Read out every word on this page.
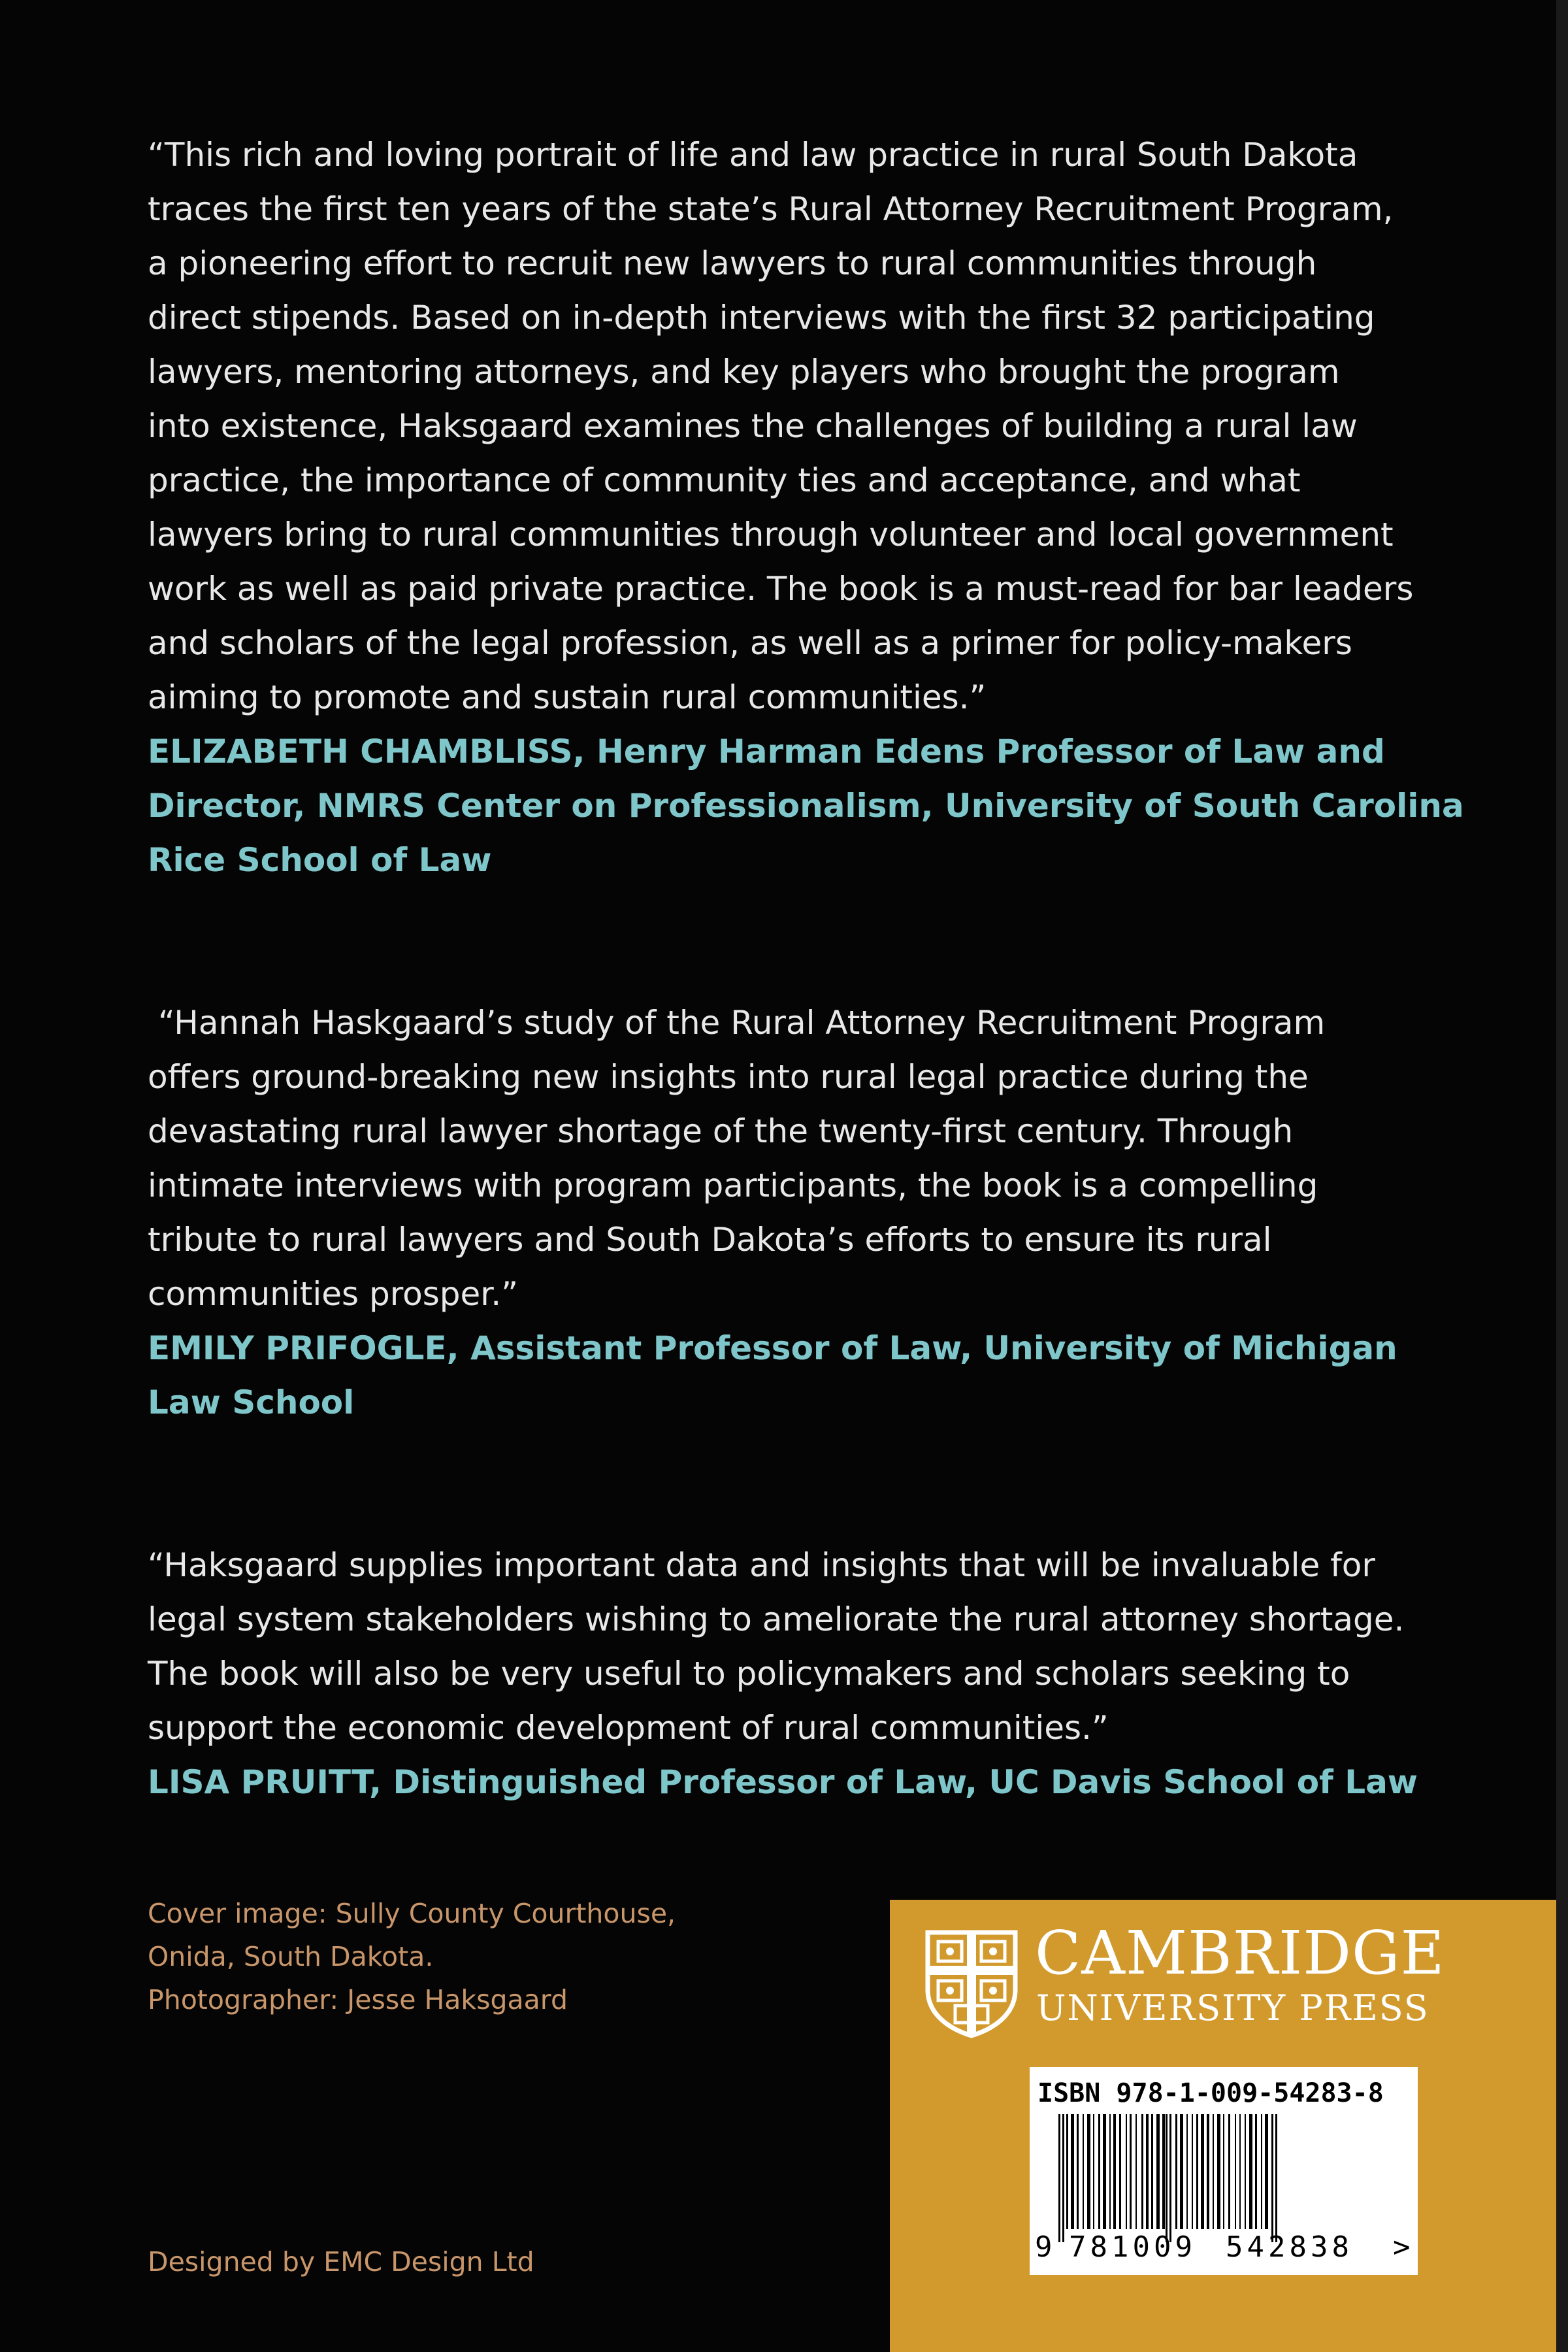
“This rich and loving portrait of life and law practice in rural South Dakota
traces the first ten years of the state’s Rural Attorney Recruitment Program,
a pioneering effort to recruit new lawyers to rural communities through
direct stipends. Based on in-depth interviews with the first 32 participating
lawyers, mentoring attorneys, and key players who brought the program
into existence, Haksgaard examines the challenges of building a rural law
practice, the importance of community ties and acceptance, and what
lawyers bring to rural communities through volunteer and local government
work as well as paid private practice. The book is a must-read for bar leaders
and scholars of the legal profession, as well as a primer for policy-makers
aiming to promote and sustain rural communities.”

ELIZABETH CHAMBLISS, Henry Harman Edens Professor of Law and
Director, NMRS Center on Professionalism, University of South Carolina
Rice School of Law

“Hannah Haskgaard’s study of the Rural Attorney Recruitment Program
offers ground-breaking new insights into rural legal practice during the
devastating rural lawyer shortage of the twenty-first century. Through
intimate interviews with program participants, the book is a compelling
tribute to rural lawyers and South Dakota’s efforts to ensure its rural
communities prosper.”

EMILY PRIFOGLE, Assistant Professor of Law, University of Michigan
Law School

“Haksgaard supplies important data and insights that will be invaluable for
legal system stakeholders wishing to ameliorate the rural attorney shortage.
The book will also be very useful to policymakers and scholars seeking to
support the economic development of rural communities.”

LISA PRUITT, Distinguished Professor of Law, UC Davis School of Law

Cover image: Sully County Courthouse,
Onida, South Dakota.
Photographer: Jesse Haksgaard
Designed by EMC Design Ltd
CAMBRIDGE
UNIVERSITY PRESS
ISBN 978-1-009-54283-8
9 781009 542838 >
